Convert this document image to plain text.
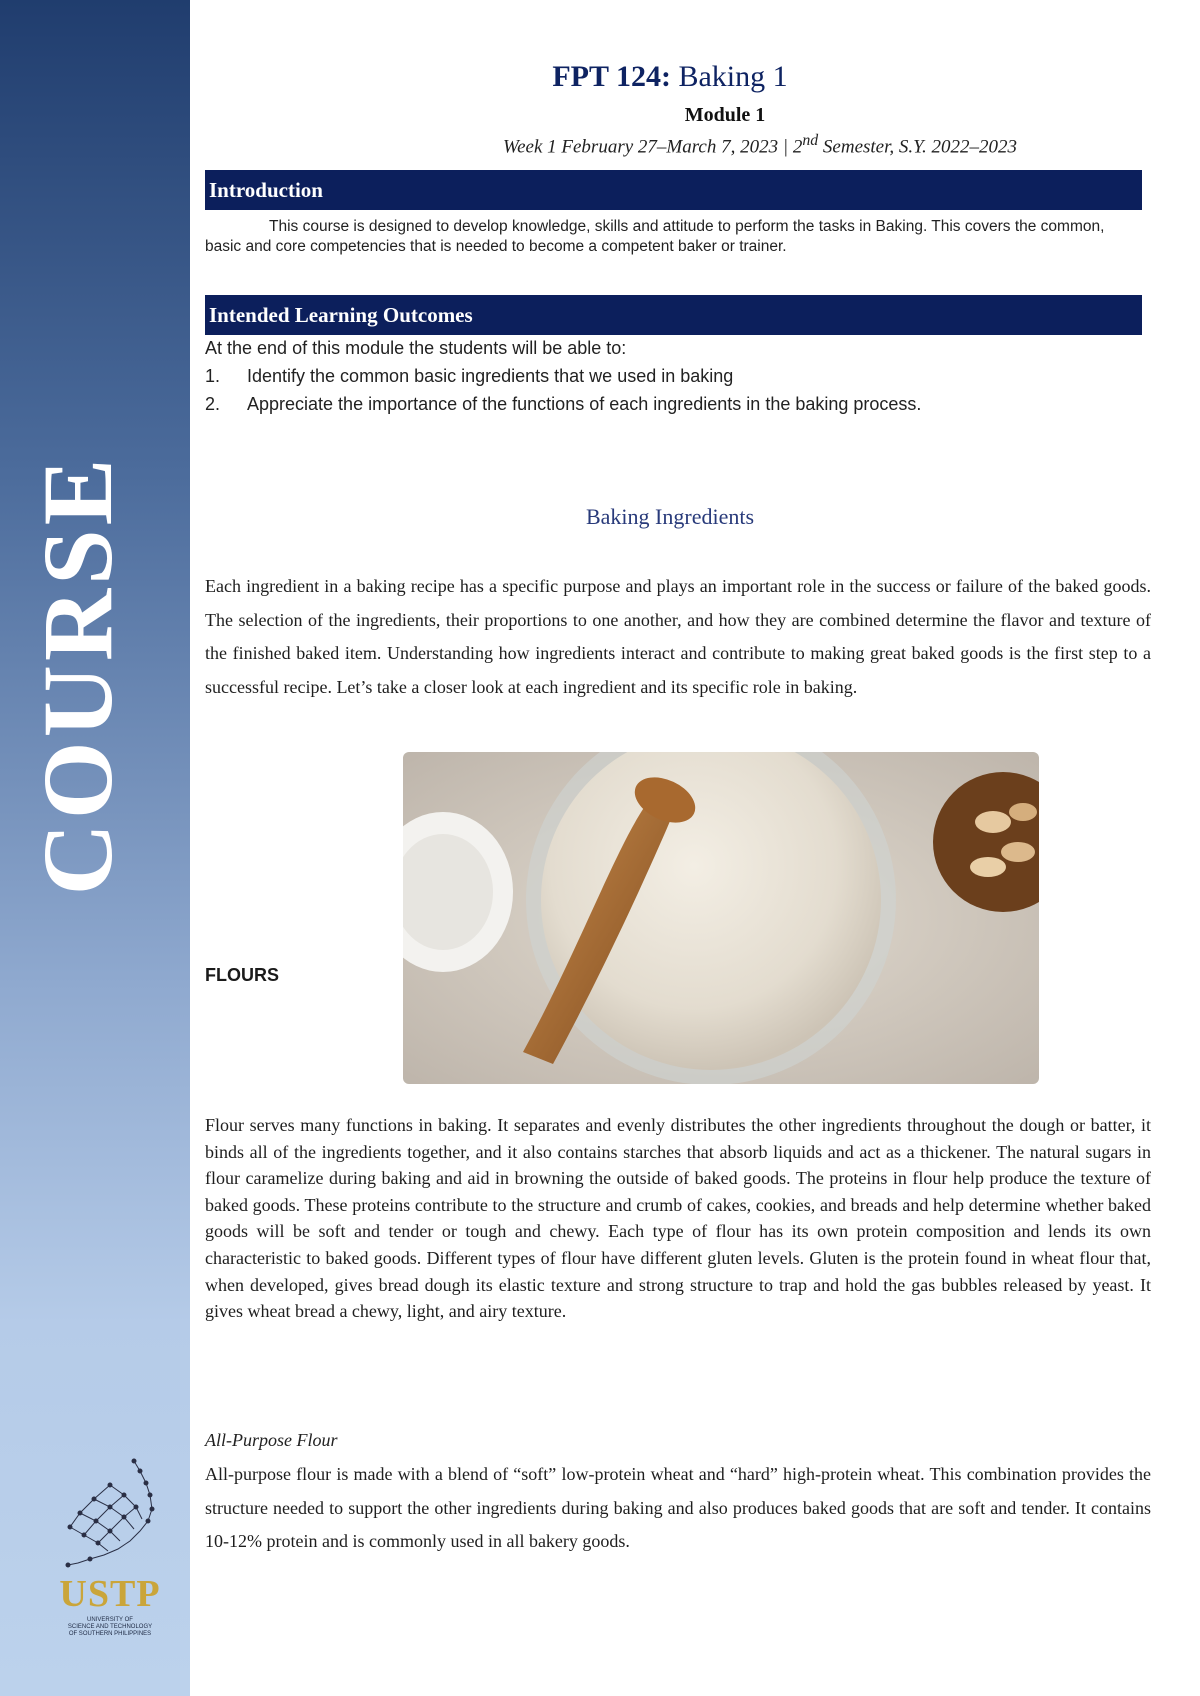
COURSE
USTP
UNIVERSITY OF
SCIENCE AND TECHNOLOGY
OF SOUTHERN PHILIPPINES
FPT 124: Baking 1
Module 1
Week 1 February 27–March 7, 2023 | 2nd Semester, S.Y. 2022–2023
Introduction
This course is designed to develop knowledge, skills and attitude to perform the tasks in Baking. This covers the common, basic and core competencies that is needed to become a competent baker or trainer.
Intended Learning Outcomes
At the end of this module the students will be able to:
1.	Identify the common basic ingredients that we used in baking
2.	Appreciate the importance of the functions of each ingredients in the baking process.
Baking Ingredients
Each ingredient in a baking recipe has a specific purpose and plays an important role in the success or failure of the baked goods. The selection of the ingredients, their proportions to one another, and how they are combined determine the flavor and texture of the finished baked item. Understanding how ingredients interact and contribute to making great baked goods is the first step to a successful recipe. Let’s take a closer look at each ingredient and its specific role in baking.
FLOURS
Flour serves many functions in baking. It separates and evenly distributes the other ingredients throughout the dough or batter, it binds all of the ingredients together, and it also contains starches that absorb liquids and act as a thickener. The natural sugars in flour caramelize during baking and aid in browning the outside of baked goods. The proteins in flour help produce the texture of baked goods. These proteins contribute to the structure and crumb of cakes, cookies, and breads and help determine whether baked goods will be soft and tender or tough and chewy. Each type of flour has its own protein composition and lends its own characteristic to baked goods. Different types of flour have different gluten levels. Gluten is the protein found in wheat flour that, when developed, gives bread dough its elastic texture and strong structure to trap and hold the gas bubbles released by yeast. It gives wheat bread a chewy, light, and airy texture.
All-Purpose Flour
All-purpose flour is made with a blend of “soft” low-protein wheat and “hard” high-protein wheat. This combination provides the structure needed to support the other ingredients during baking and also produces baked goods that are soft and tender. It contains 10-12% protein and is commonly used in all bakery goods.
